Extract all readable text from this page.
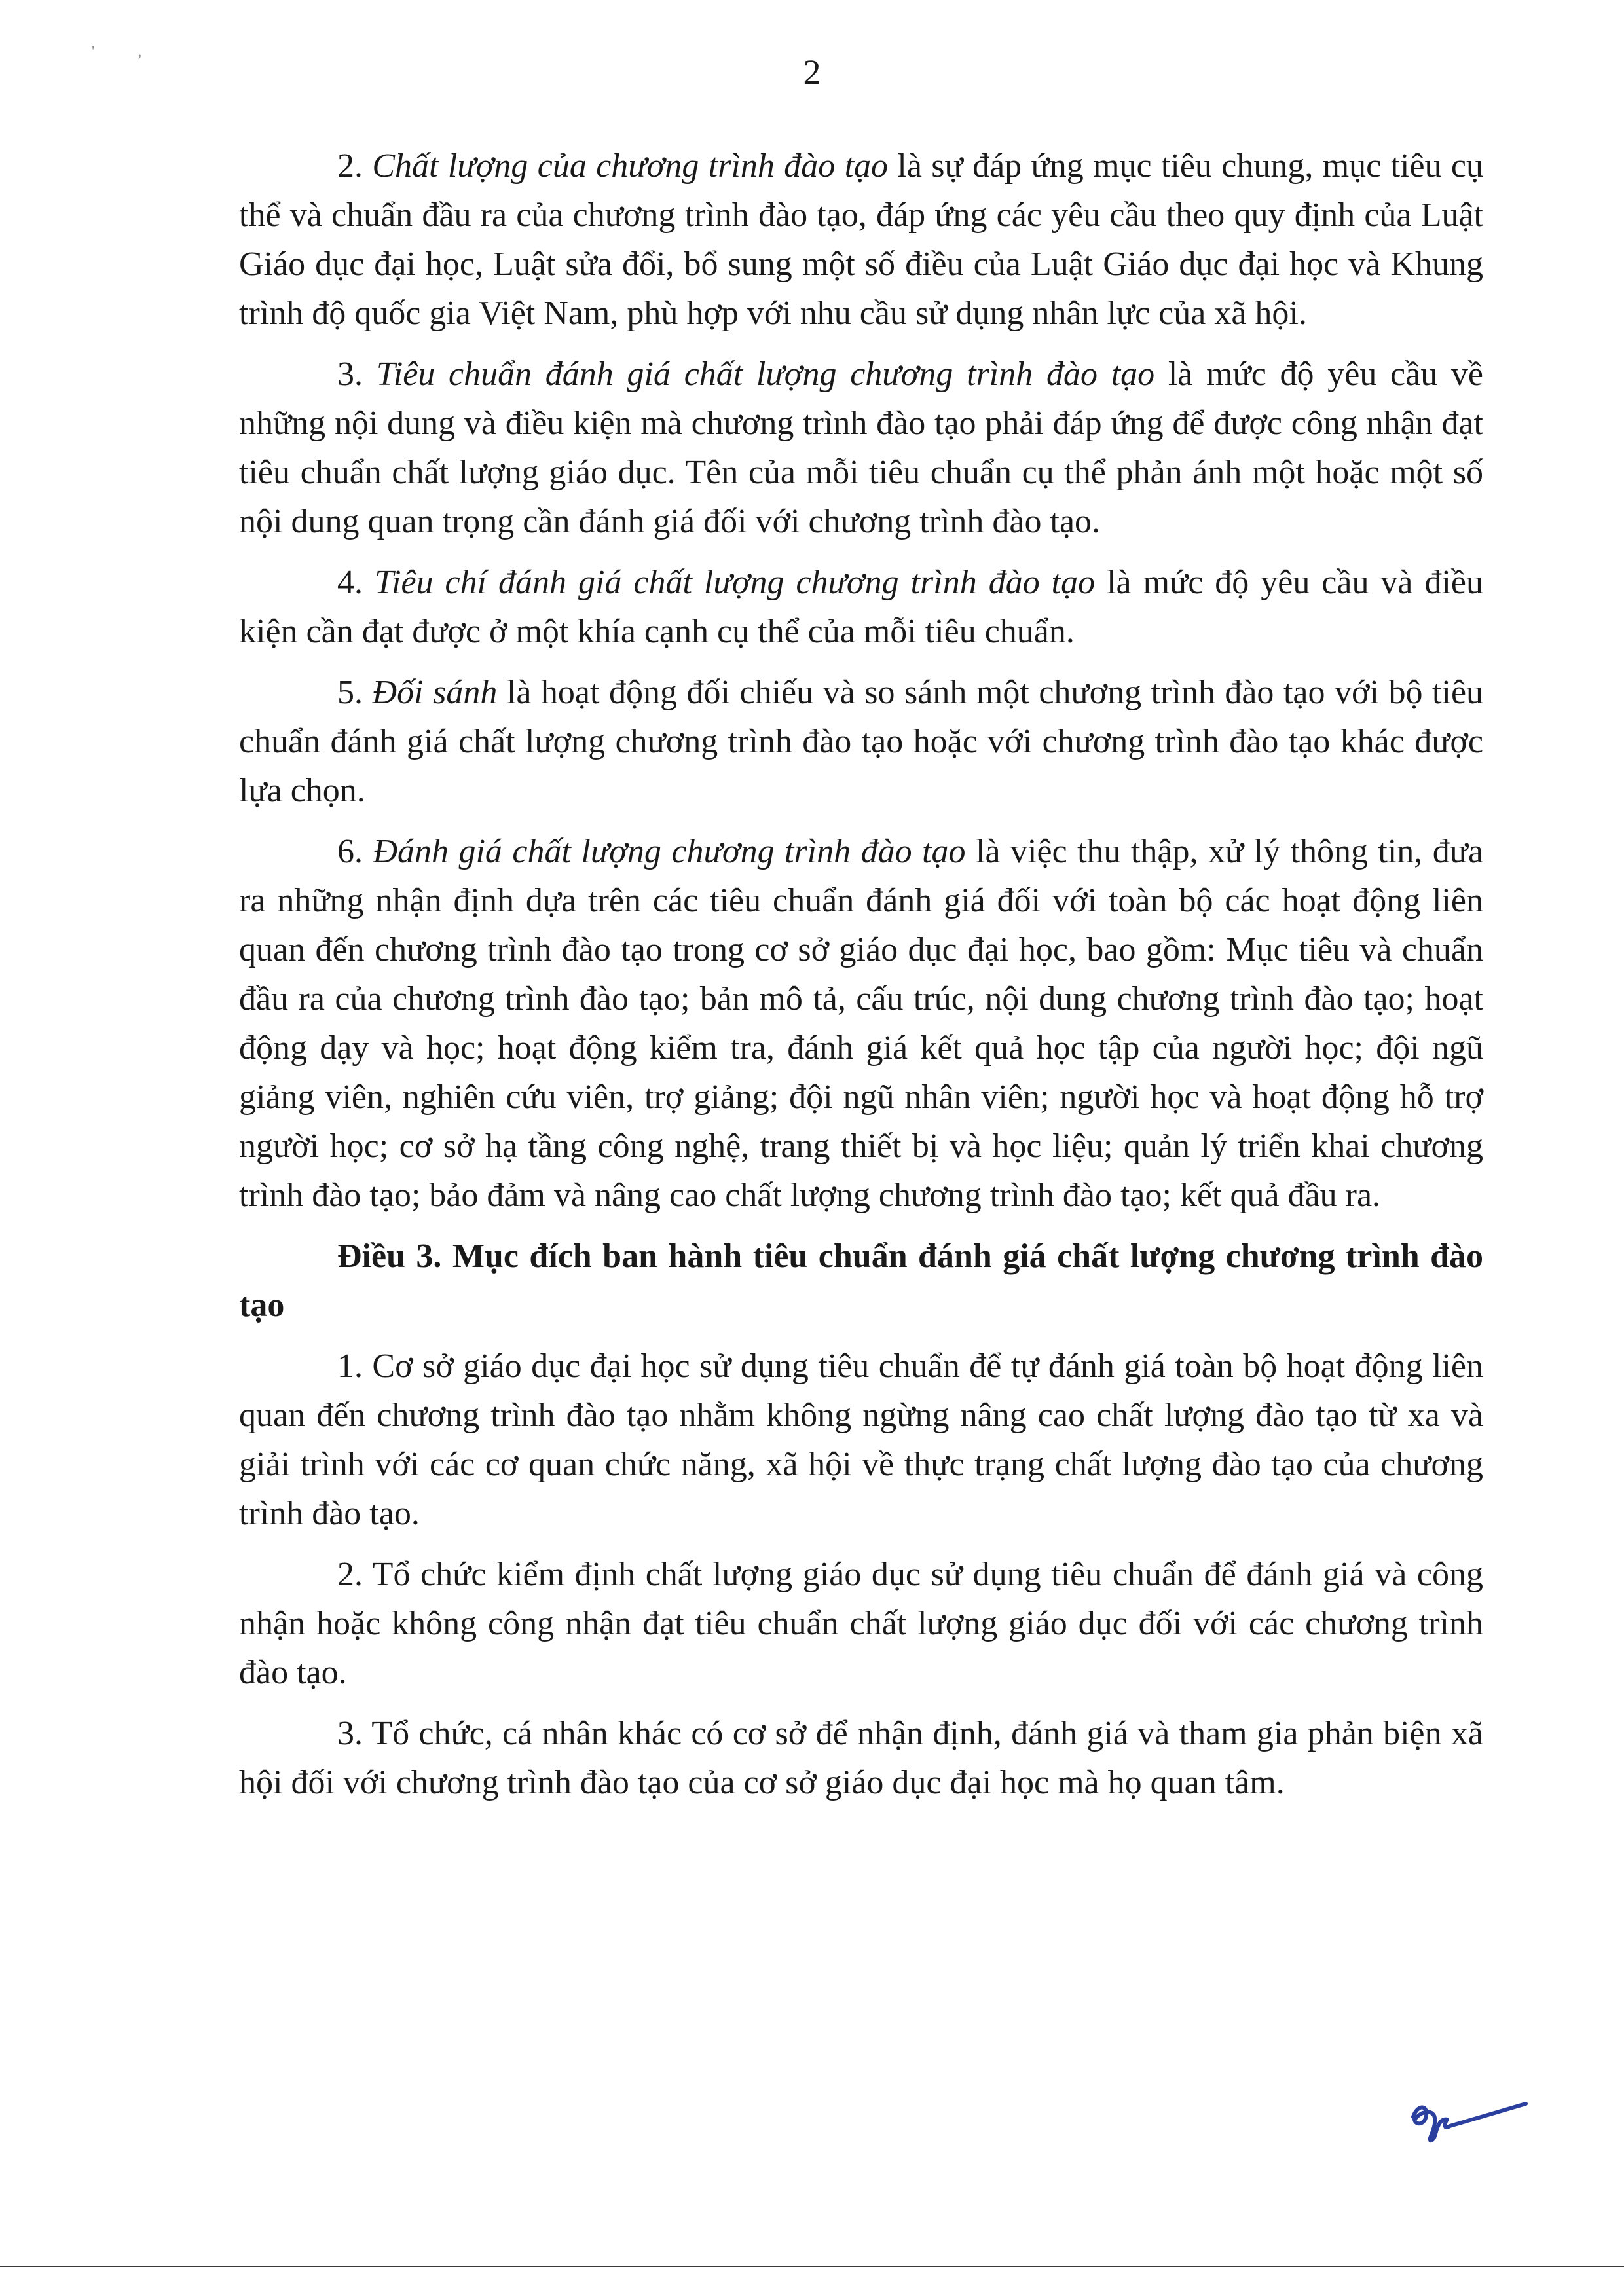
' ,
2

2. Chất lượng của chương trình đào tạo là sự đáp ứng mục tiêu chung, mục tiêu cụ thể và chuẩn đầu ra của chương trình đào tạo, đáp ứng các yêu cầu theo quy định của Luật Giáo dục đại học, Luật sửa đổi, bổ sung một số điều của Luật Giáo dục đại học và Khung trình độ quốc gia Việt Nam, phù hợp với nhu cầu sử dụng nhân lực của xã hội.

3. Tiêu chuẩn đánh giá chất lượng chương trình đào tạo là mức độ yêu cầu về những nội dung và điều kiện mà chương trình đào tạo phải đáp ứng để được công nhận đạt tiêu chuẩn chất lượng giáo dục. Tên của mỗi tiêu chuẩn cụ thể phản ánh một hoặc một số nội dung quan trọng cần đánh giá đối với chương trình đào tạo.

4. Tiêu chí đánh giá chất lượng chương trình đào tạo là mức độ yêu cầu và điều kiện cần đạt được ở một khía cạnh cụ thể của mỗi tiêu chuẩn.

5. Đối sánh là hoạt động đối chiếu và so sánh một chương trình đào tạo với bộ tiêu chuẩn đánh giá chất lượng chương trình đào tạo hoặc với chương trình đào tạo khác được lựa chọn.

6. Đánh giá chất lượng chương trình đào tạo là việc thu thập, xử lý thông tin, đưa ra những nhận định dựa trên các tiêu chuẩn đánh giá đối với toàn bộ các hoạt động liên quan đến chương trình đào tạo trong cơ sở giáo dục đại học, bao gồm: Mục tiêu và chuẩn đầu ra của chương trình đào tạo; bản mô tả, cấu trúc, nội dung chương trình đào tạo; hoạt động dạy và học; hoạt động kiểm tra, đánh giá kết quả học tập của người học; đội ngũ giảng viên, nghiên cứu viên, trợ giảng; đội ngũ nhân viên; người học và hoạt động hỗ trợ người học; cơ sở hạ tầng công nghệ, trang thiết bị và học liệu; quản lý triển khai chương trình đào tạo; bảo đảm và nâng cao chất lượng chương trình đào tạo; kết quả đầu ra.

Điều 3. Mục đích ban hành tiêu chuẩn đánh giá chất lượng chương trình đào tạo

1. Cơ sở giáo dục đại học sử dụng tiêu chuẩn để tự đánh giá toàn bộ hoạt động liên quan đến chương trình đào tạo nhằm không ngừng nâng cao chất lượng đào tạo từ xa và giải trình với các cơ quan chức năng, xã hội về thực trạng chất lượng đào tạo của chương trình đào tạo.

2. Tổ chức kiểm định chất lượng giáo dục sử dụng tiêu chuẩn để đánh giá và công nhận hoặc không công nhận đạt tiêu chuẩn chất lượng giáo dục đối với các chương trình đào tạo.

3. Tổ chức, cá nhân khác có cơ sở để nhận định, đánh giá và tham gia phản biện xã hội đối với chương trình đào tạo của cơ sở giáo dục đại học mà họ quan tâm.
